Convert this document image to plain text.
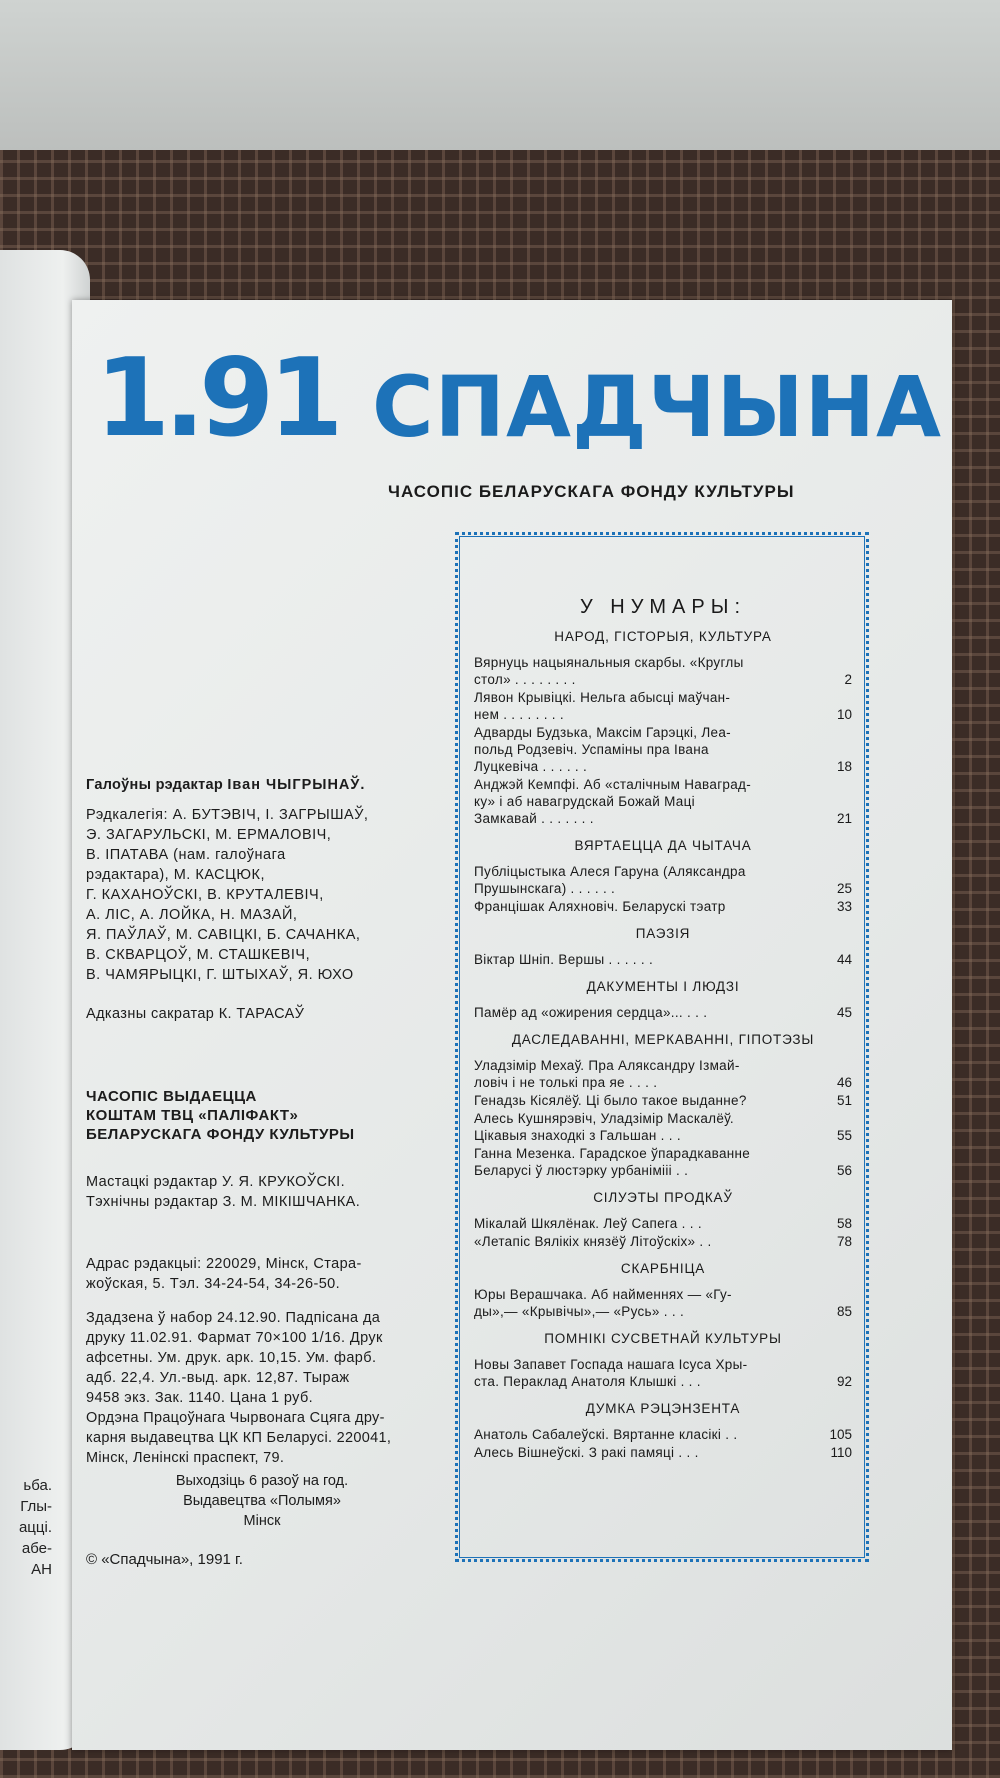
ьба.
Глы-
ацці.
абе-
АН
1.91 СПАДЧЫНА
ЧАСОПІС БЕЛАРУСКАГА ФОНДУ КУЛЬТУРЫ
Галоўны рэдактар Іван ЧЫГРЫНАЎ.

Рэдкалегія: А. БУТЭВІЧ, І. ЗАГРЫШАЎ,

Э. ЗАГАРУЛЬСКІ, М. ЕРМАЛОВІЧ,

В. ІПАТАВА (нам. галоўнага

рэдактара), М. КАСЦЮК,

Г. КАХАНОЎСКІ, В. КРУТАЛЕВІЧ,

А. ЛІС, А. ЛОЙКА, Н. МАЗАЙ,

Я. ПАЎЛАЎ, М. САВІЦКІ, Б. САЧАНКА,

В. СКВАРЦОЎ, М. СТАШКЕВІЧ,

В. ЧАМЯРЫЦКІ, Г. ШТЫХАЎ, Я. ЮХО

Адказны сакратар К. ТАРАСАЎ

ЧАСОПІС ВЫДАЕЦЦА

КОШТАМ ТВЦ «ПАЛІФАКТ»

БЕЛАРУСКАГА ФОНДУ КУЛЬТУРЫ

Мастацкі рэдактар У. Я. КРУКОЎСКІ.

Тэхнічны рэдактар З. М. МІКІШЧАНКА.

Адрас рэдакцыі: 220029, Мінск, Стара-

жоўская, 5. Тэл. 34-24-54, 34-26-50.

Здадзена ў набор 24.12.90. Падпісана да

друку 11.02.91. Фармат 70×100 1/16. Друк

афсетны. Ум. друк. арк. 10,15. Ум. фарб.

адб. 22,4. Ул.-выд. арк. 12,87. Тыраж

9458 экз. Зак. 1140. Цана 1 руб.

Ордэна Працоўнага Чырвонага Сцяга дру-

карня выдавецтва ЦК КП Беларусі. 220041,

Мінск, Ленінскі праспект, 79.

Выходзіць 6 разоў на год.

Выдавецтва «Полымя»

Мінск

© «Спадчына», 1991 г.
У НУМАРЫ:
НАРОД, ГІСТОРЫЯ, КУЛЬТУРА
Вярнуць нацыянальныя скарбы. «Круглы
стол» . . . . . . . .	2
Лявон Крывіцкі. Нельга абысці маўчан-
нем . . . . . . . .	10
Адварды Будзька, Максім Гарэцкі, Леа-
польд Родзевіч. Успаміны пра Івана
Луцкевіча . . . . . .	18
Анджэй Кемпфі. Аб «сталічным Наваград-
ку» і аб навагрудскай Божай Маці
Замкавай . . . . . . .	21
ВЯРТАЕЦЦА ДА ЧЫТАЧА
Публіцыстыка Алеся Гаруна (Аляксандра
Прушынскага) . . . . . .	25
Францішак Аляхновіч. Беларускі тэатр	33
ПАЭЗІЯ
Віктар Шніп. Вершы . . . . . .	44
ДАКУМЕНТЫ І ЛЮДЗІ
Памёр ад «ожирения сердца»... . . .	45
ДАСЛЕДАВАННІ, МЕРКАВАННІ, ГІПОТЭЗЫ
Уладзімір Мехаў. Пра Аляксандру Ізмай-
ловіч і не толькі пра яе . . . .	46
Генадзь Кісялёў. Ці было такое выданне?	51
Алесь Кушнярэвіч, Уладзімір Маскалёў.
Цікавыя знаходкі з Гальшан . . .	55
Ганна Мезенка. Гарадское ўпарадкаванне
Беларусі ў люстэрку урбанімііі . .	56
СІЛУЭТЫ ПРОДКАЎ
Мікалай Шкялёнак. Леў Сапега . . .	58
«Летапіс Вялікіх князёў Літоўскіх» . .	78
СКАРБНІЦА
Юры Верашчака. Аб найменнях — «Гу-
ды»,— «Крывічы»,— «Русь» . . .	85
ПОМНІКІ СУСВЕТНАЙ КУЛЬТУРЫ
Новы Запавет Госпада нашага Ісуса Хры-
ста. Пераклад Анатоля Клышкі . . .	92
ДУМКА РЭЦЭНЗЕНТА
Анатоль Сабалеўскі. Вяртанне класікі . .	105
Алесь Вішнеўскі. З ракі памяці . . .	110
